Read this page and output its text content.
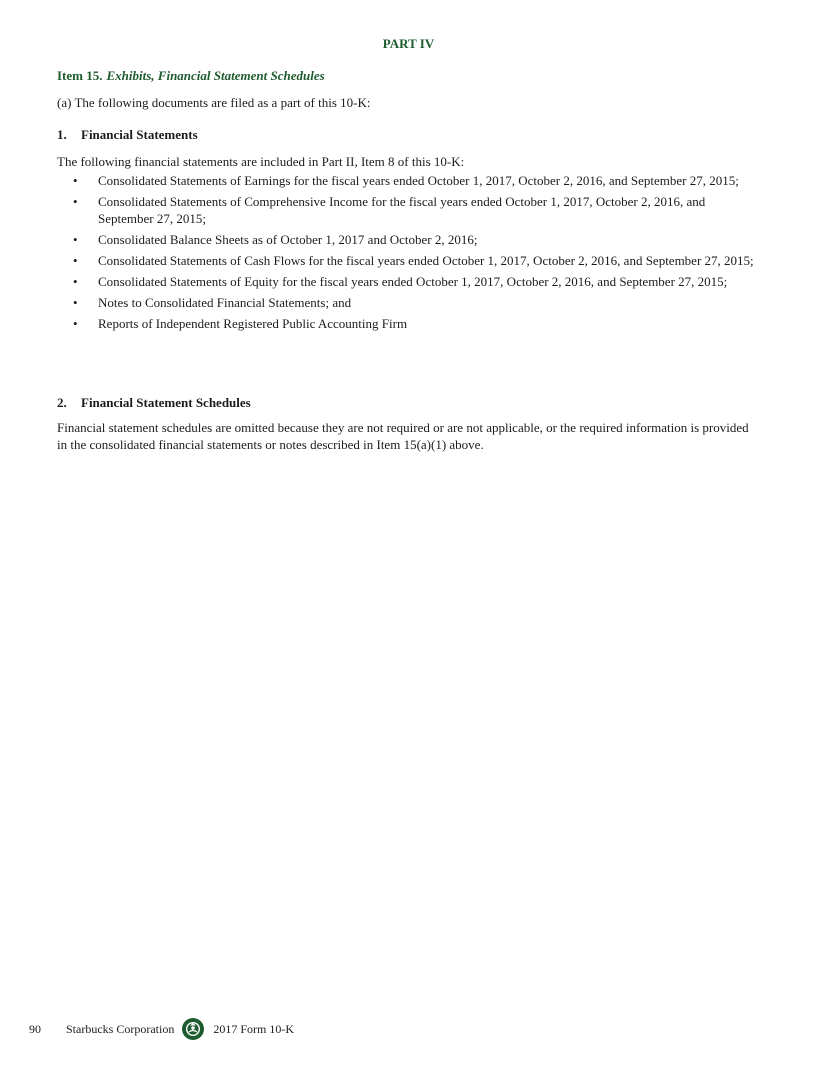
PART IV
Item 15. Exhibits, Financial Statement Schedules
(a) The following documents are filed as a part of this 10-K:
1. Financial Statements
The following financial statements are included in Part II, Item 8 of this 10-K:
• Consolidated Statements of Earnings for the fiscal years ended October 1, 2017, October 2, 2016, and September 27, 2015;
• Consolidated Statements of Comprehensive Income for the fiscal years ended October 1, 2017, October 2, 2016, and September 27, 2015;
• Consolidated Balance Sheets as of October 1, 2017 and October 2, 2016;
• Consolidated Statements of Cash Flows for the fiscal years ended October 1, 2017, October 2, 2016, and September 27, 2015;
• Consolidated Statements of Equity for the fiscal years ended October 1, 2017, October 2, 2016, and September 27, 2015;
• Notes to Consolidated Financial Statements; and
• Reports of Independent Registered Public Accounting Firm
2. Financial Statement Schedules
Financial statement schedules are omitted because they are not required or are not applicable, or the required information is provided in the consolidated financial statements or notes described in Item 15(a)(1) above.
90	Starbucks Corporation	2017 Form 10-K
